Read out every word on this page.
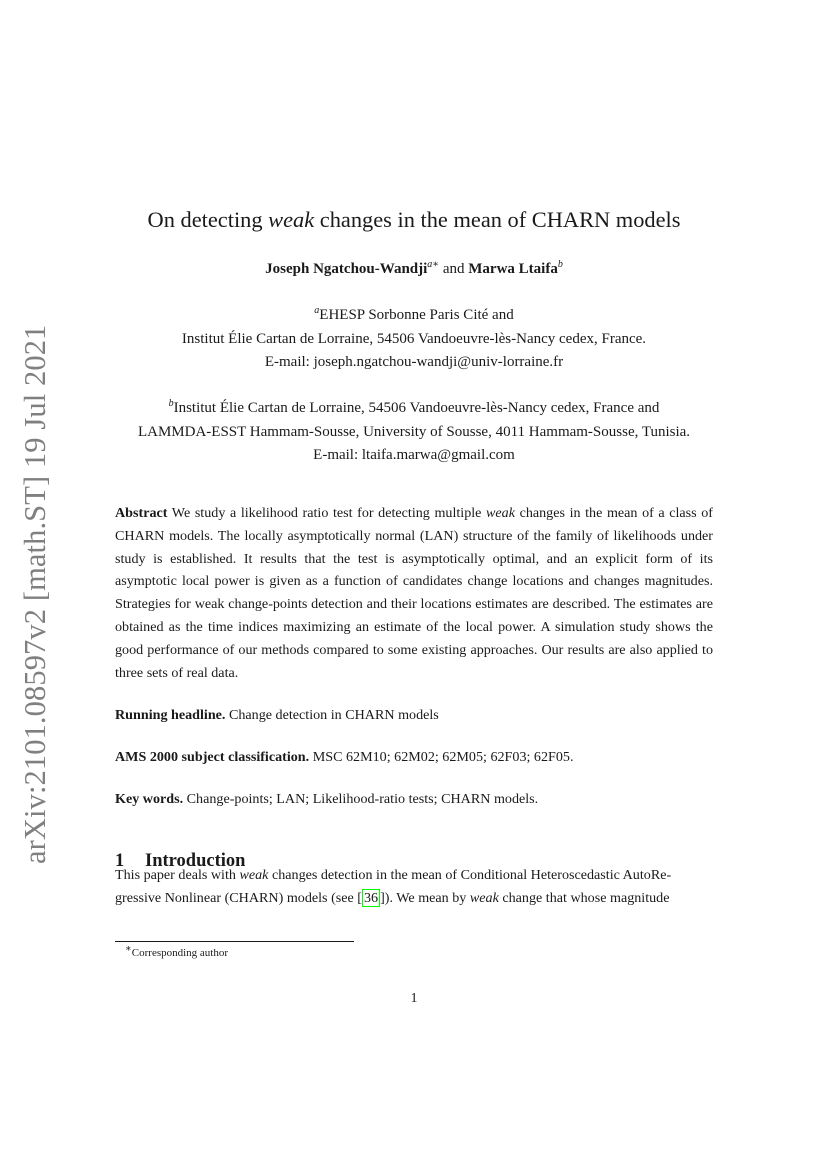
arXiv:2101.08597v2 [math.ST] 19 Jul 2021
On detecting weak changes in the mean of CHARN models
Joseph Ngatchou-Wandji$^{a∗}$ and Marwa Ltaifa$^b$

$^a$EHESP Sorbonne Paris Cité and

Institut Élie Cartan de Lorraine, 54506 Vandoeuvre-lès-Nancy cedex, France.

E-mail: joseph.ngatchou-wandji@univ-lorraine.fr

$^b$Institut Élie Cartan de Lorraine, 54506 Vandoeuvre-lès-Nancy cedex, France and

LAMMDA-ESST Hammam-Sousse, University of Sousse, 4011 Hammam-Sousse, Tunisia.

E-mail: ltaifa.marwa@gmail.com

Abstract We study a likelihood ratio test for detecting multiple weak changes in the mean of a class of CHARN models. The locally asymptotically normal (LAN) structure of the family of likelihoods under study is established. It results that the test is asymptotically optimal, and an explicit form of its asymptotic local power is given as a function of candidates change locations and changes magnitudes. Strategies for weak change-points detection and their locations estimates are described. The estimates are obtained as the time indices maximizing an estimate of the local power. A simulation study shows the good performance of our methods compared to some existing approaches. Our results are also applied to three sets of real data.

Running headline. Change detection in CHARN models

AMS 2000 subject classification. MSC 62M10; 62M02; 62M05; 62F03; 62F05.

Key words. Change-points; LAN; Likelihood-ratio tests; CHARN models.

1 Introduction

This paper deals with weak changes detection in the mean of Conditional Heteroscedastic AutoRe-

gressive Nonlinear (CHARN) models (see [ 36 ]). We mean by weak change that whose magnitude

∗Corresponding author

1
